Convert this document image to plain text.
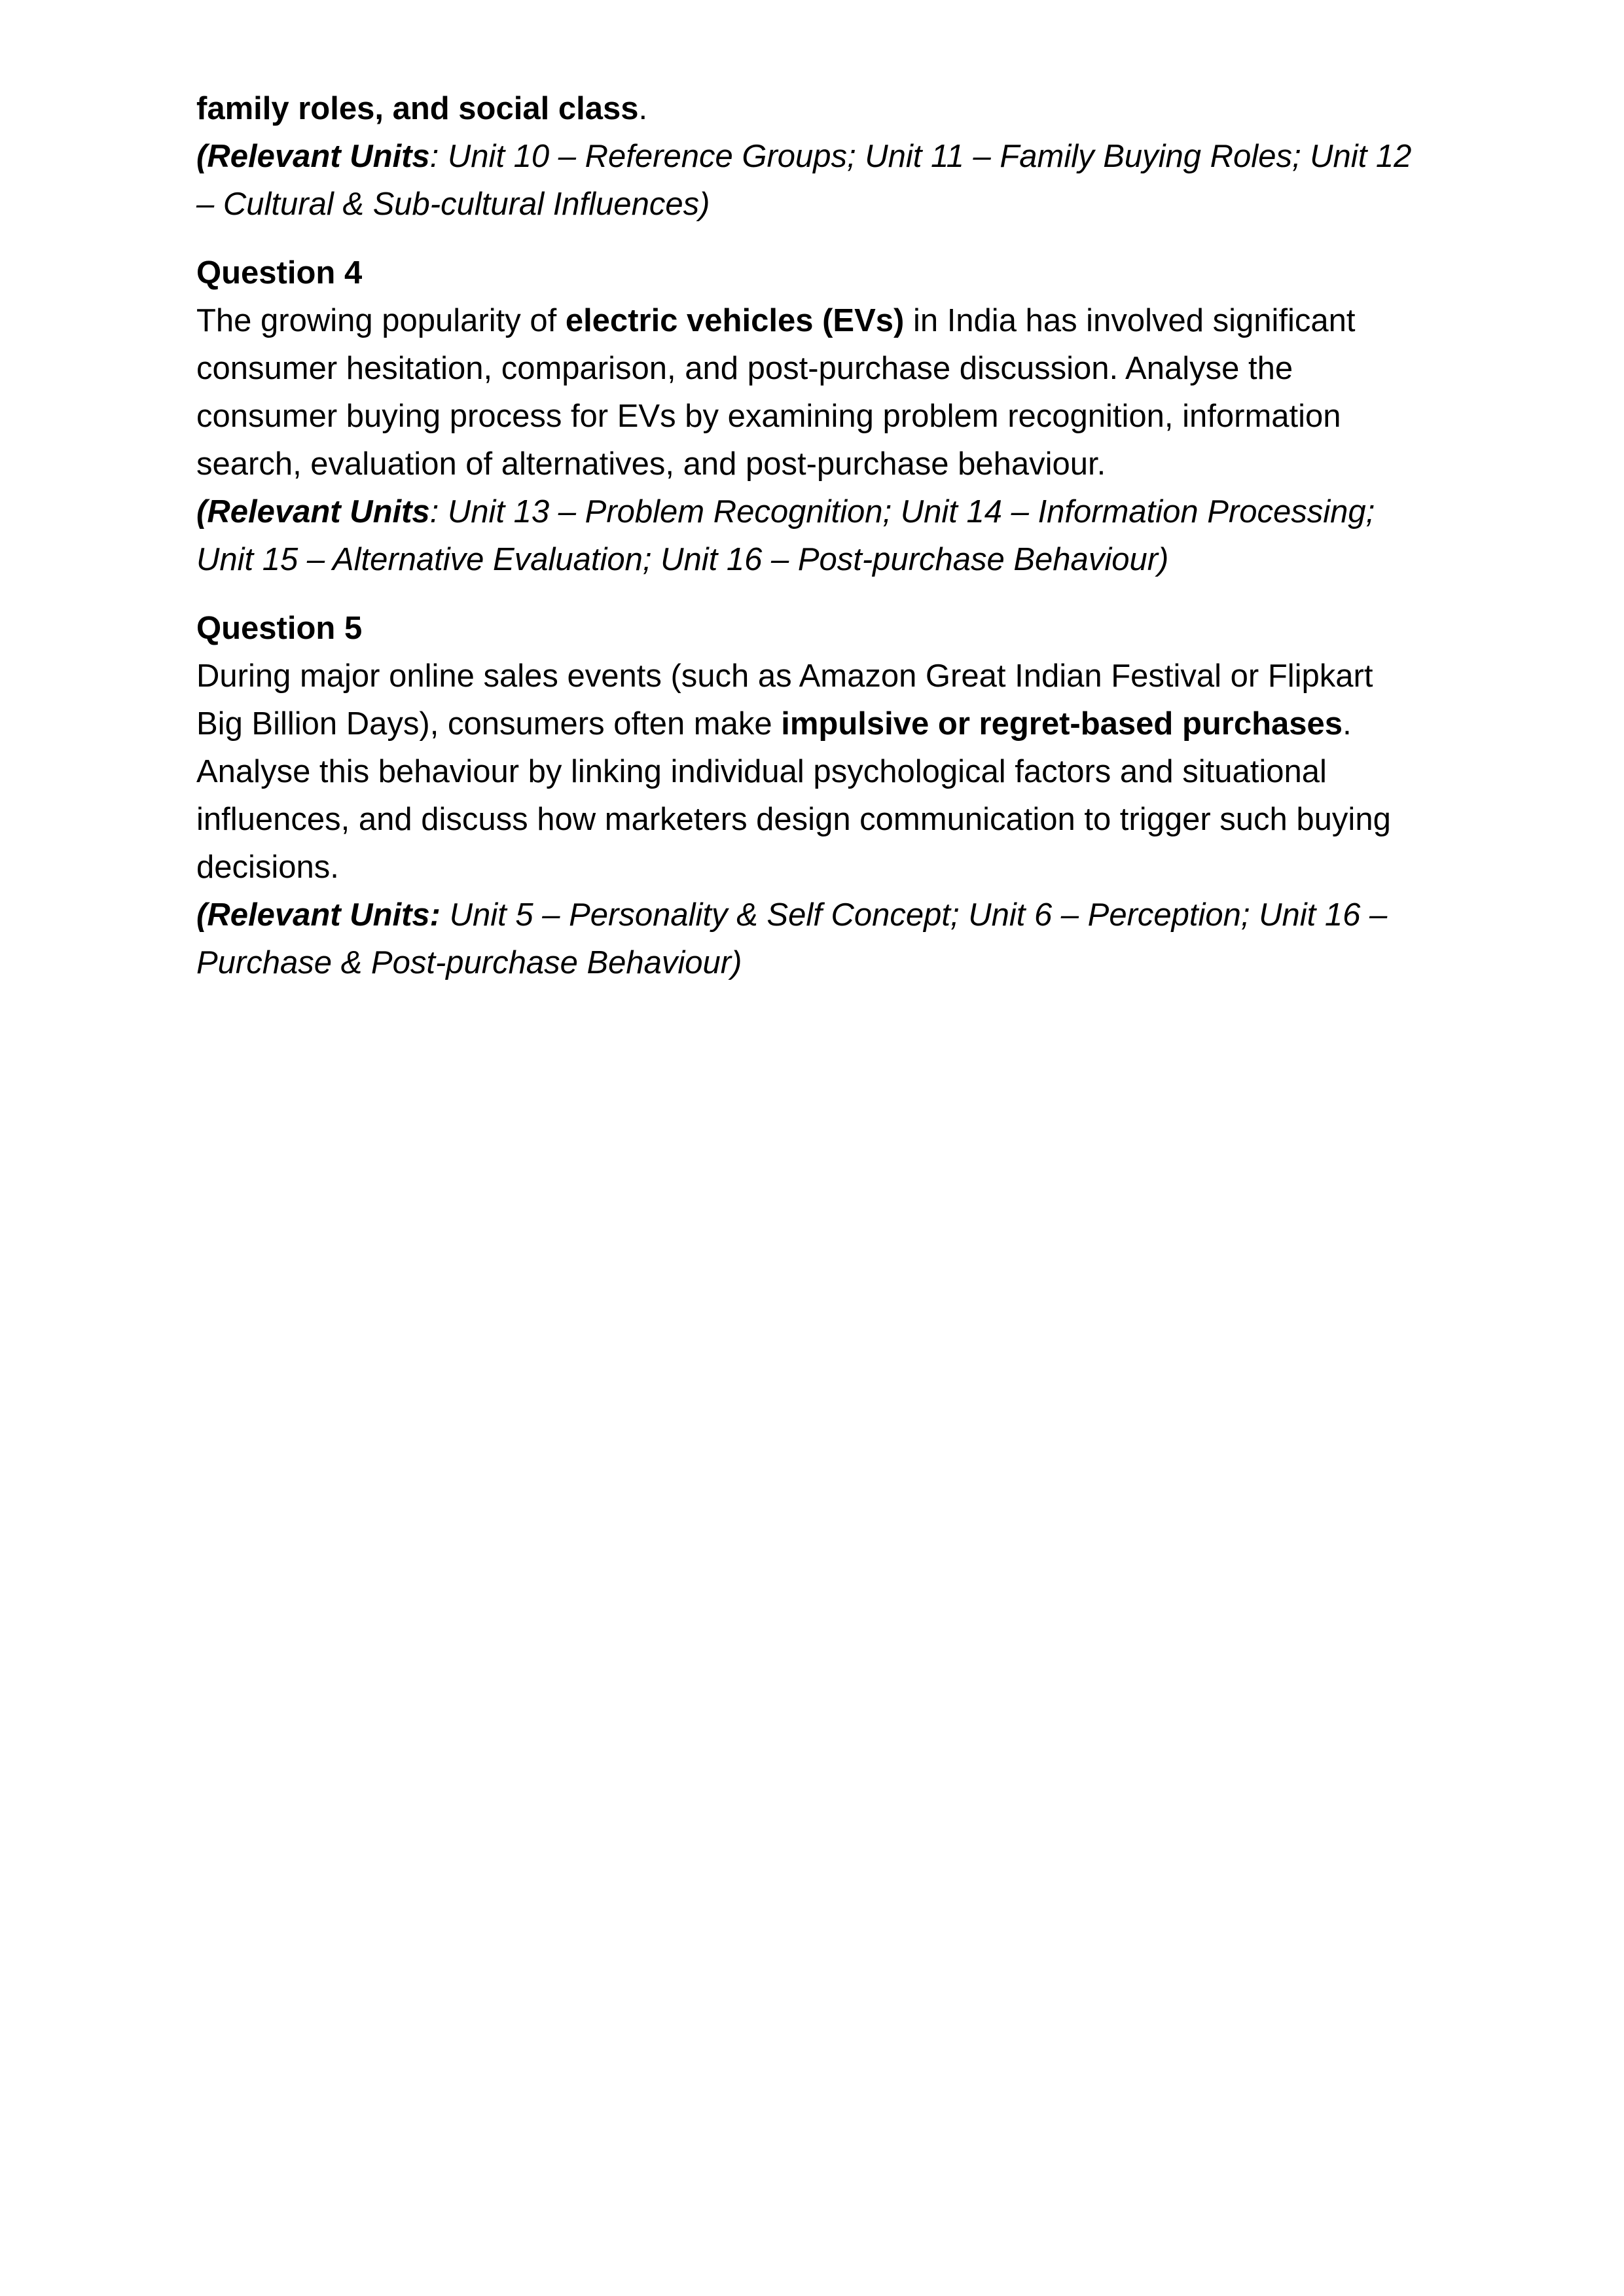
family roles, and social class.

(Relevant Units: Unit 10 – Reference Groups; Unit 11 – Family Buying Roles; Unit 12 – Cultural & Sub-cultural Influences)

Question 4

The growing popularity of electric vehicles (EVs) in India has involved significant consumer hesitation, comparison, and post-purchase discussion. Analyse the consumer buying process for EVs by examining problem recognition, information search, evaluation of alternatives, and post-purchase behaviour.

(Relevant Units: Unit 13 – Problem Recognition; Unit 14 – Information Processing; Unit 15 – Alternative Evaluation; Unit 16 – Post-purchase Behaviour)

Question 5

During major online sales events (such as Amazon Great Indian Festival or Flipkart Big Billion Days), consumers often make impulsive or regret-based purchases.

Analyse this behaviour by linking individual psychological factors and situational influences, and discuss how marketers design communication to trigger such buying decisions.

(Relevant Units: Unit 5 – Personality & Self Concept; Unit 6 – Perception; Unit 16 – Purchase & Post-purchase Behaviour)
